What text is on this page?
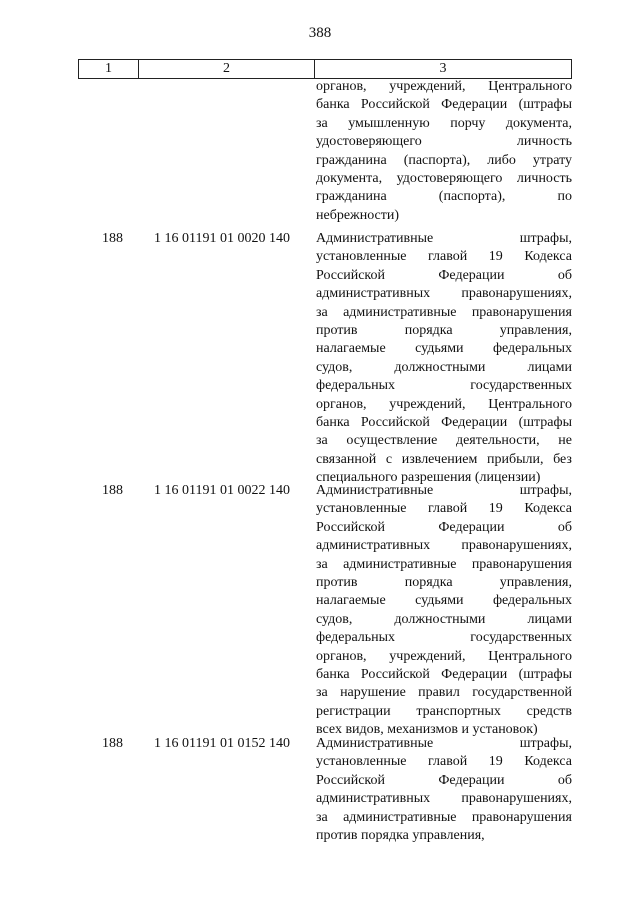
388
1	2	3
органов, учреждений, Центрального
банка Российской Федерации (штрафы
за умышленную порчу документа,
удостоверяющего	личность
гражданина (паспорта), либо утрату
документа, удостоверяющего личность
гражданина	(паспорта),	по
небрежности)
188	1 16 01191 01 0020 140	Административные	штрафы,
установленные главой 19 Кодекса
Российской	Федерации	об
административных правонарушениях,
за административные правонарушения
против	порядка	управления,
налагаемые судьями федеральных
судов,	должностными	лицами
федеральных	государственных
органов, учреждений, Центрального
банка Российской Федерации (штрафы
за осуществление деятельности, не
связанной с извлечением прибыли, без
специального разрешения (лицензии)
188	1 16 01191 01 0022 140	Административные	штрафы,
установленные главой 19 Кодекса
Российской	Федерации	об
административных правонарушениях,
за административные правонарушения
против	порядка	управления,
налагаемые судьями федеральных
судов,	должностными	лицами
федеральных	государственных
органов, учреждений, Центрального
банка Российской Федерации (штрафы
за нарушение правил государственной
регистрации транспортных средств
всех видов, механизмов и установок)
188	1 16 01191 01 0152 140	Административные	штрафы,
установленные главой 19 Кодекса
Российской	Федерации	об
административных правонарушениях,
за административные правонарушения
против порядка управления,
